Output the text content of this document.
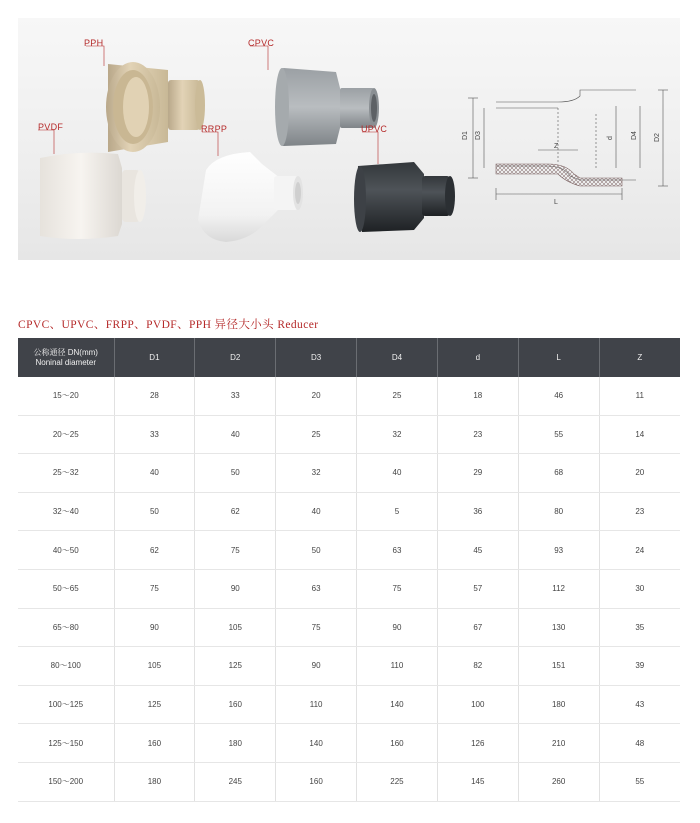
D1 D3
Z
d D4 D2
L
PPH	CPVC
PVDF	RRPP	UPVC
CPVC、UPVC、FRPP、PVDF、PPH 异径大小头 Reducer
公称通径 DN(mm)
Noninal diameter	D1	D2	D3	D4	d	L	Z
15～20	28	33	20	25	18	46	11
20～25	33	40	25	32	23	55	14
25～32	40	50	32	40	29	68	20
32～40	50	62	40	5	36	80	23
40～50	62	75	50	63	45	93	24
50～65	75	90	63	75	57	112	30
65～80	90	105	75	90	67	130	35
80～100	105	125	90	110	82	151	39
100～125	125	160	110	140	100	180	43
125～150	160	180	140	160	126	210	48
150～200	180	245	160	225	145	260	55
